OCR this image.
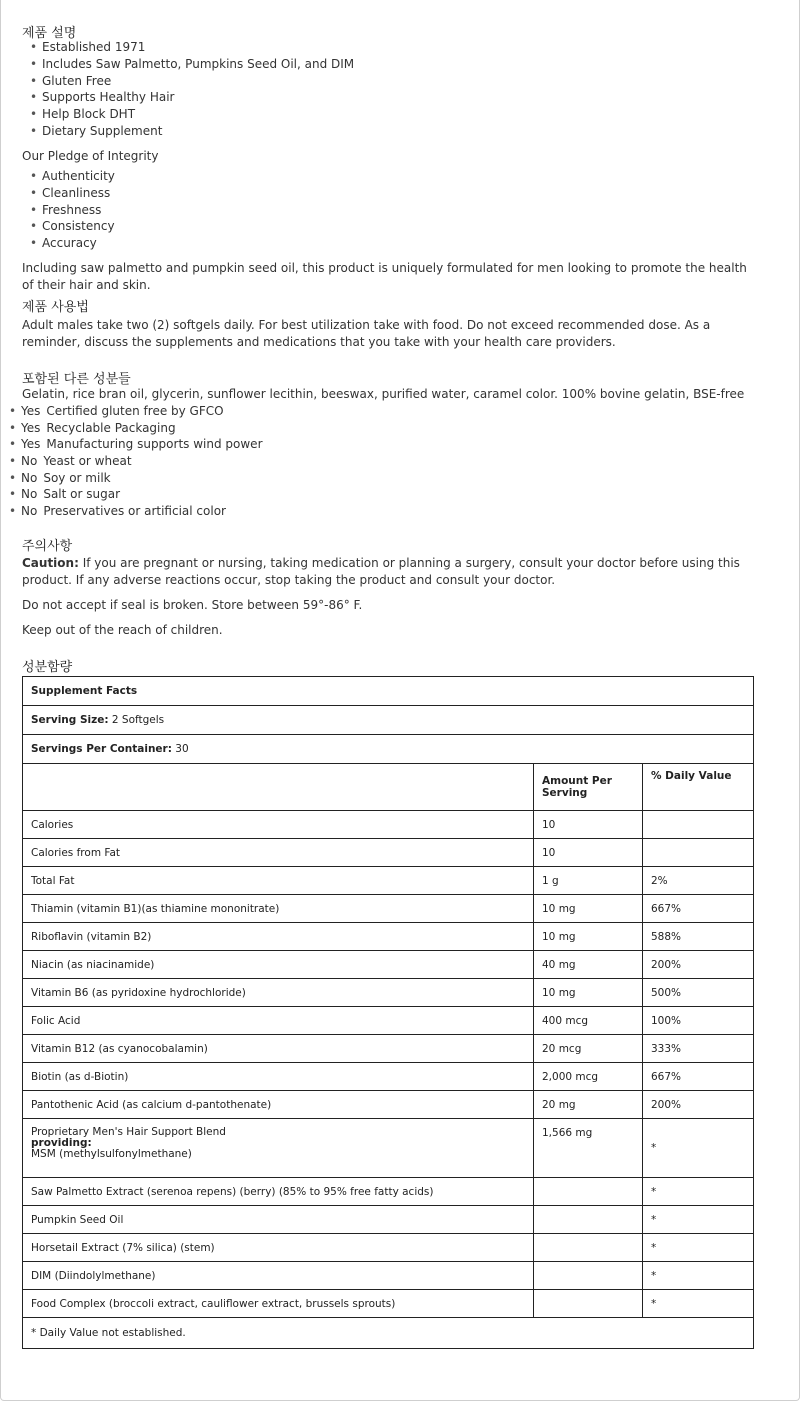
제품 설명
• Established 1971
• Includes Saw Palmetto, Pumpkins Seed Oil, and DIM
• Gluten Free
• Supports Healthy Hair
• Help Block DHT
• Dietary Supplement
Our Pledge of Integrity
• Authenticity
• Cleanliness
• Freshness
• Consistency
• Accuracy
Including saw palmetto and pumpkin seed oil, this product is uniquely formulated for men looking to promote the health of their hair and skin.
제품 사용법
Adult males take two (2) softgels daily. For best utilization take with food. Do not exceed recommended dose. As a reminder, discuss the supplements and medications that you take with your health care providers.
포함된 다른 성분들
Gelatin, rice bran oil, glycerin, sunflower lecithin, beeswax, purified water, caramel color. 100% bovine gelatin, BSE-free
• Yes Certified gluten free by GFCO
• Yes Recyclable Packaging
• Yes Manufacturing supports wind power
• No Yeast or wheat
• No Soy or milk
• No Salt or sugar
• No Preservatives or artificial color
주의사항
Caution: If you are pregnant or nursing, taking medication or planning a surgery, consult your doctor before using this product. If any adverse reactions occur, stop taking the product and consult your doctor.
Do not accept if seal is broken. Store between 59°-86° F.
Keep out of the reach of children.
성분함량
Supplement Facts		
Serving Size: 2 Softgels		
Servings Per Container: 30		
	Amount Per Serving	% Daily Value
Calories	10	
Calories from Fat	10	
Total Fat	1 g	2%
Thiamin (vitamin B1)(as thiamine mononitrate)	10 mg	667%
Riboflavin (vitamin B2)	10 mg	588%
Niacin (as niacinamide)	40 mg	200%
Vitamin B6 (as pyridoxine hydrochloride)	10 mg	500%
Folic Acid	400 mcg	100%
Vitamin B12 (as cyanocobalamin)	20 mcg	333%
Biotin (as d-Biotin)	2,000 mcg	667%
Pantothenic Acid (as calcium d-pantothenate)	20 mg	200%

Proprietary Men's Hair Support Blend
providing:
MSM (methylsulfonylmethane)	1,566 mg	*
Saw Palmetto Extract (serenoa repens) (berry) (85% to 95% free fatty acids)		*
Pumpkin Seed Oil		*
Horsetail Extract (7% silica) (stem)		*
DIM (Diindolylmethane)		*
Food Complex (broccoli extract, cauliflower extract, brussels sprouts)		*
* Daily Value not established.		
